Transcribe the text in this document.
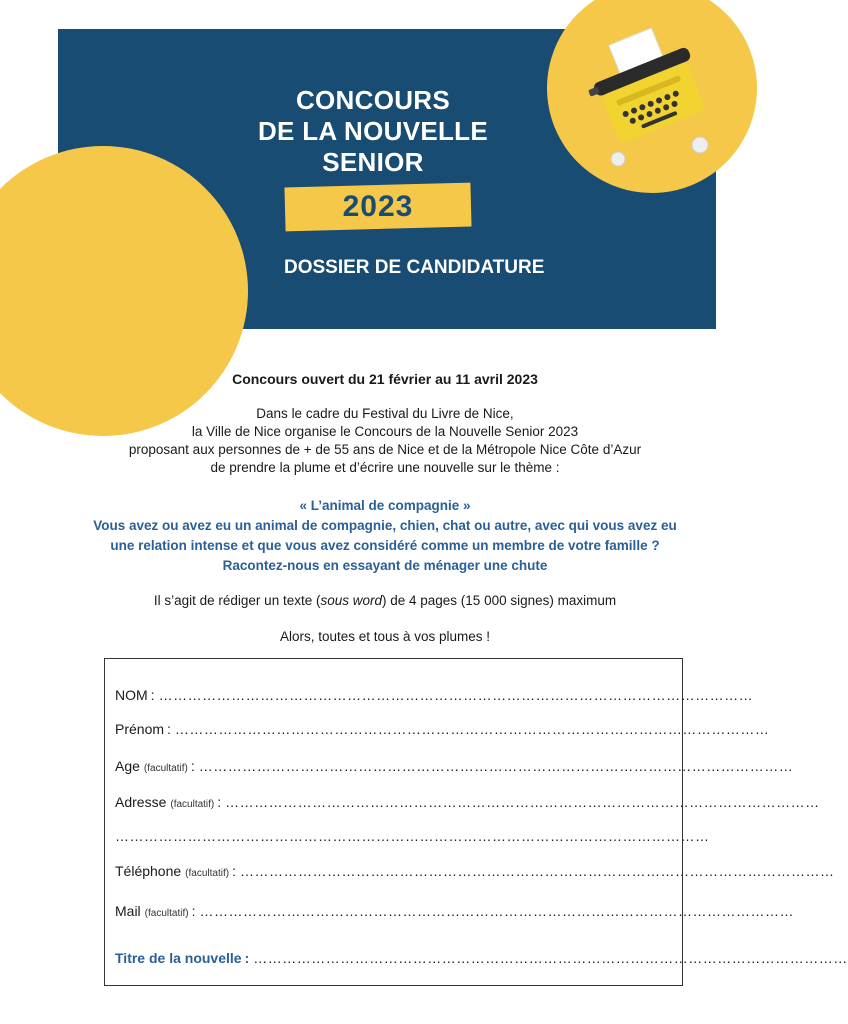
CONCOURS
DE LA NOUVELLE
SENIOR
2023
DOSSIER DE CANDIDATURE

Concours ouvert du 21 février au 11 avril 2023

Dans le cadre du Festival du Livre de Nice,
la Ville de Nice organise le Concours de la Nouvelle Senior 2023
proposant aux personnes de + de 55 ans de Nice et de la Métropole Nice Côte d’Azur
de prendre la plume et d’écrire une nouvelle sur le thème :

« L’animal de compagnie »
Vous avez ou avez eu un animal de compagnie, chien, chat ou autre, avec qui vous avez eu
une relation intense et que vous avez considéré comme un membre de votre famille ?
Racontez-nous en essayant de ménager une chute

Il s’agit de rédiger un texte (sous word) de 4 pages (15 000 signes) maximum

Alors, toutes et tous à vos plumes !

NOM : ……………………………………………………………………………………………………………
Prénom : ……………………………………………………………………………………………………………
Age (facultatif) : ……………………………………………………………………………………………………………
Adresse (facultatif) : ……………………………………………………………………………………………………………
……………………………………………………………………………………………………………
Téléphone (facultatif) : ……………………………………………………………………………………………………………
Mail (facultatif) : ……………………………………………………………………………………………………………
Titre de la nouvelle : ……………………………………………………………………………………………………………
